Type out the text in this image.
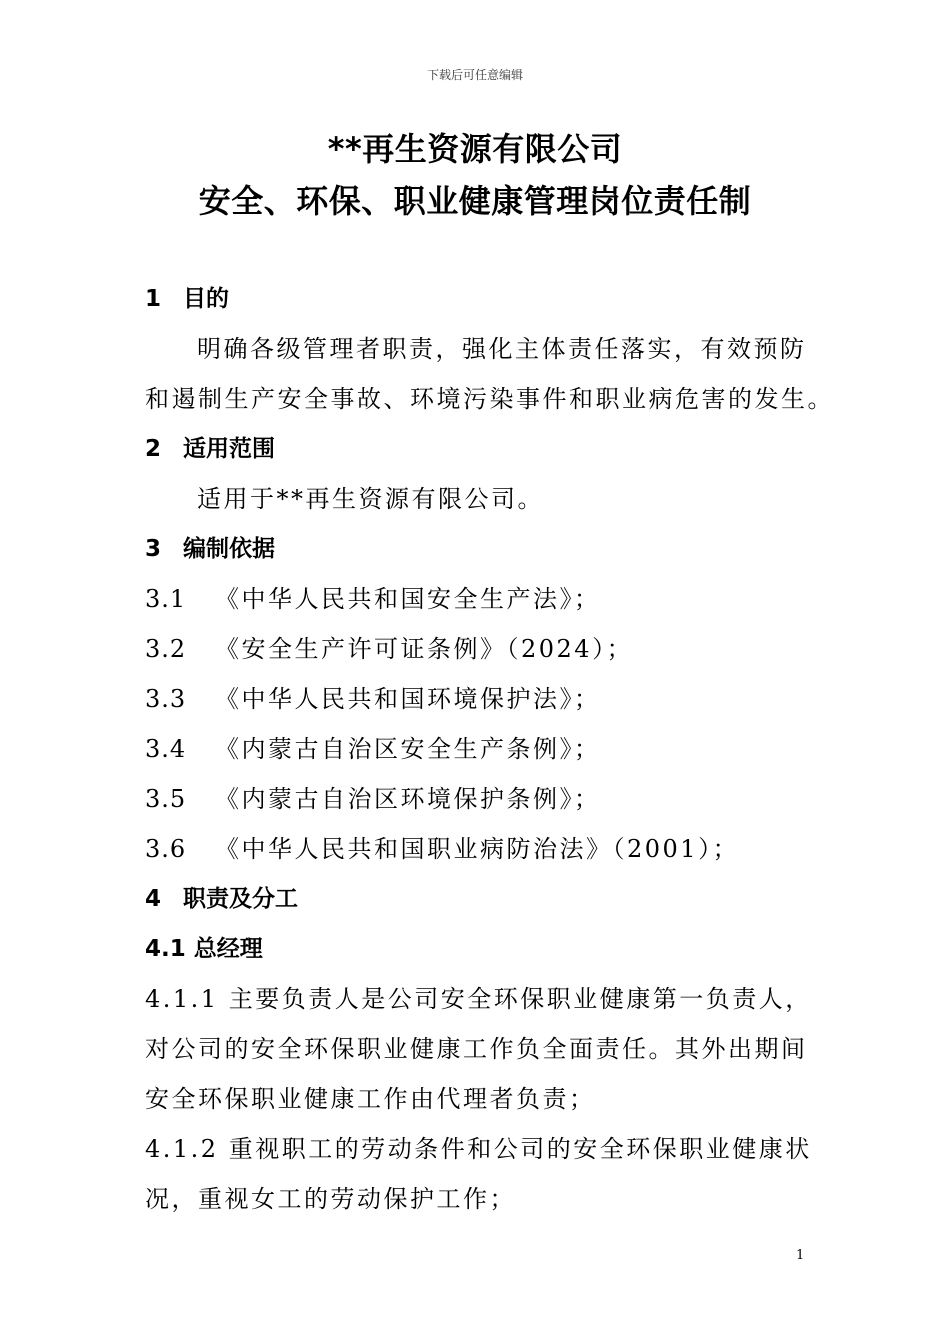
下载后可任意编辑
**再生资源有限公司
安全、环保、职业健康管理岗位责任制
1 目的
明确各级管理者职责，强化主体责任落实，有效预防
和遏制生产安全事故、环境污染事件和职业病危害的发生。
2 适用范围
适用于**再生资源有限公司。
3 编制依据
3.1 《中华人民共和国安全生产法》；
3.2 《安全生产许可证条例》（2024）；
3.3 《中华人民共和国环境保护法》；
3.4 《内蒙古自治区安全生产条例》；
3.5 《内蒙古自治区环境保护条例》；
3.6 《中华人民共和国职业病防治法》（2001）；
4 职责及分工
4.1 总经理
4.1.1 主要负责人是公司安全环保职业健康第一负责人，
对公司的安全环保职业健康工作负全面责任。其外出期间
安全环保职业健康工作由代理者负责；
4.1.2 重视职工的劳动条件和公司的安全环保职业健康状
况，重视女工的劳动保护工作；
1
